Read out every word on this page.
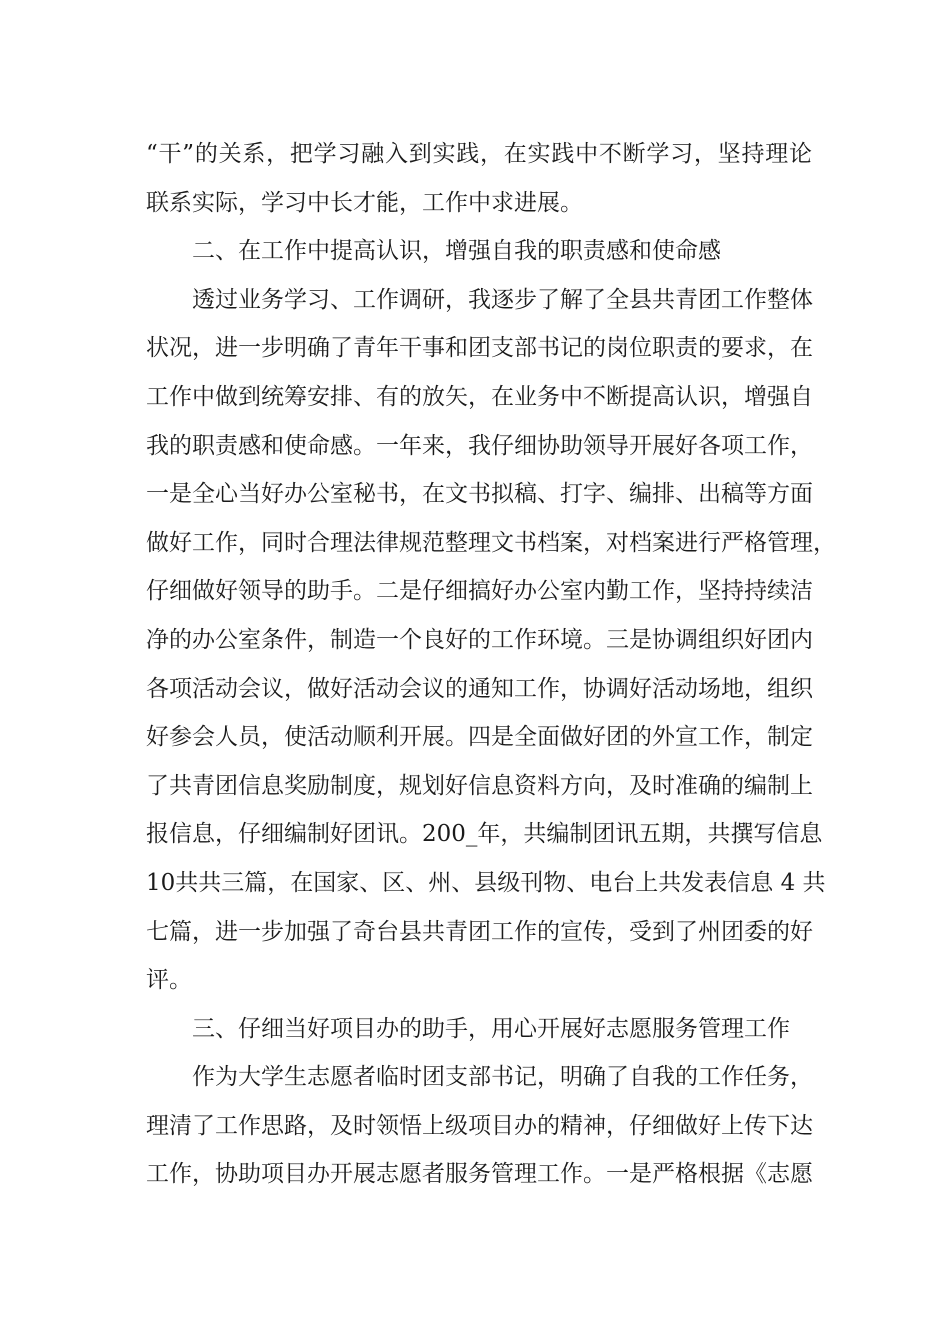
“干”的关系，把学习融入到实践，在实践中不断学习，坚持理论
联系实际，学习中长才能，工作中求进展。
二、在工作中提高认识，增强自我的职责感和使命感
透过业务学习、工作调研，我逐步了解了全县共青团工作整体
状况，进一步明确了青年干事和团支部书记的岗位职责的要求，在
工作中做到统筹安排、有的放矢，在业务中不断提高认识，增强自
我的职责感和使命感。一年来，我仔细协助领导开展好各项工作，
一是全心当好办公室秘书，在文书拟稿、打字、编排、出稿等方面
做好工作，同时合理法律规范整理文书档案，对档案进行严格管理，
仔细做好领导的助手。二是仔细搞好办公室内勤工作，坚持持续洁
净的办公室条件，制造一个良好的工作环境。三是协调组织好团内
各项活动会议，做好活动会议的通知工作，协调好活动场地，组织
好参会人员，使活动顺利开展。四是全面做好团的外宣工作，制定
了共青团信息奖励制度，规划好信息资料方向，及时准确的编制上
报信息，仔细编制好团讯。200_年，共编制团讯五期，共撰写信息
10共共三篇，在国家、区、州、县级刊物、电台上共发表信息 4 共
七篇，进一步加强了奇台县共青团工作的宣传，受到了州团委的好
评。
三、仔细当好项目办的助手，用心开展好志愿服务管理工作
作为大学生志愿者临时团支部书记，明确了自我的工作任务，
理清了工作思路，及时领悟上级项目办的精神，仔细做好上传下达
工作，协助项目办开展志愿者服务管理工作。一是严格根据《志愿
